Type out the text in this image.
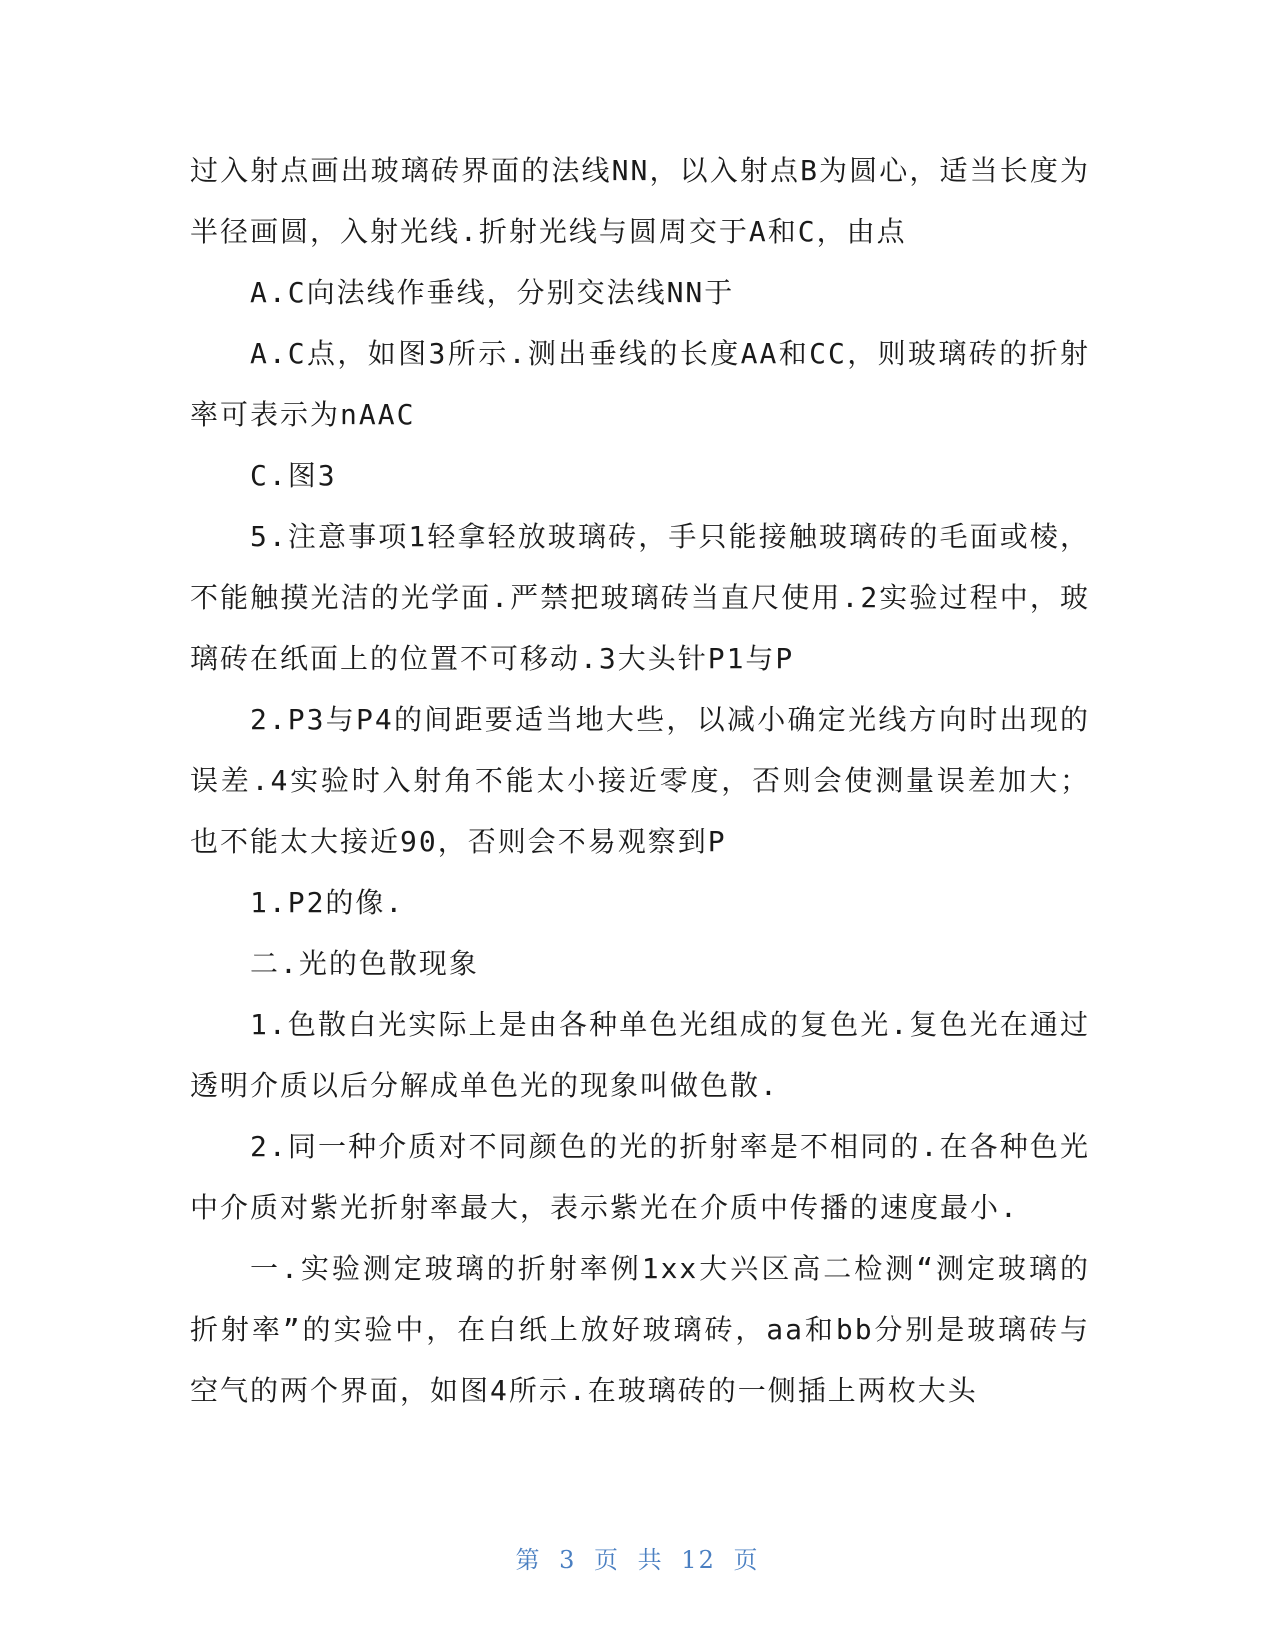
过入射点画出玻璃砖界面的法线NN，以入射点B为圆心，适当长度为半径画圆，入射光线.折射光线与圆周交于A和C，由点

A.C向法线作垂线，分别交法线NN于

A.C点，如图3所示.测出垂线的长度AA和CC，则玻璃砖的折射率可表示为nAAC

C.图3

5.注意事项1轻拿轻放玻璃砖，手只能接触玻璃砖的毛面或棱，不能触摸光洁的光学面.严禁把玻璃砖当直尺使用.2实验过程中，玻璃砖在纸面上的位置不可移动.3大头针P1与P

2.P3与P4的间距要适当地大些，以减小确定光线方向时出现的误差.4实验时入射角不能太小接近零度，否则会使测量误差加大；也不能太大接近90，否则会不易观察到P

1.P2的像.

二.光的色散现象

1.色散白光实际上是由各种单色光组成的复色光.复色光在通过透明介质以后分解成单色光的现象叫做色散.

2.同一种介质对不同颜色的光的折射率是不相同的.在各种色光中介质对紫光折射率最大，表示紫光在介质中传播的速度最小.

一.实验测定玻璃的折射率例1xx大兴区高二检测“测定玻璃的折射率”的实验中，在白纸上放好玻璃砖，aa和bb分别是玻璃砖与空气的两个界面，如图4所示.在玻璃砖的一侧插上两枚大头

第 3 页 共 12 页
